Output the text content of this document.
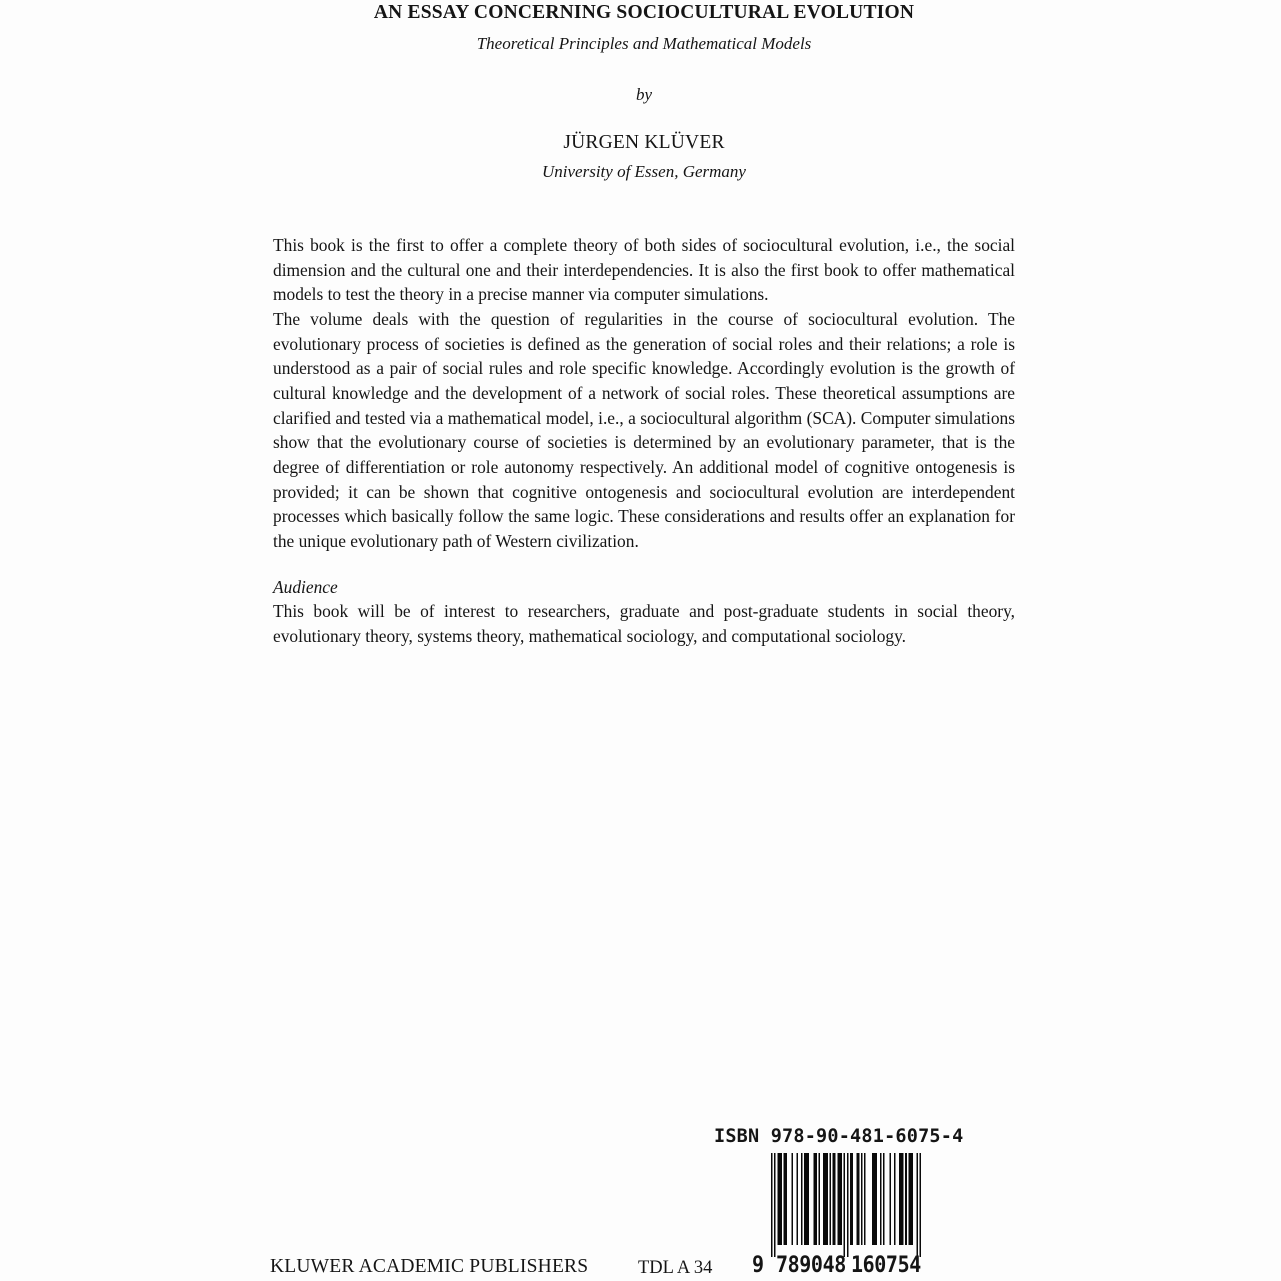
AN ESSAY CONCERNING SOCIOCULTURAL EVOLUTION
Theoretical Principles and Mathematical Models
by
JÜRGEN KLÜVER
University of Essen, Germany

This book is the first to offer a complete theory of both sides of sociocultural evolution, i.e., the social dimension and the cultural one and their interdependencies. It is also the first book to offer mathematical models to test the theory in a precise manner via computer simulations.

The volume deals with the question of regularities in the course of sociocultural evolution. The evolutionary process of societies is defined as the generation of social roles and their relations; a role is understood as a pair of social rules and role specific knowledge. Accordingly evolution is the growth of cultural knowledge and the development of a network of social roles. These theoretical assumptions are clarified and tested via a mathematical model, i.e., a sociocultural algorithm (SCA). Computer simulations show that the evolutionary course of societies is determined by an evolutionary parameter, that is the degree of differentiation or role autonomy respectively. An additional model of cognitive ontogenesis is provided; it can be shown that cognitive ontogenesis and sociocultural evolution are interdependent processes which basically follow the same logic. These considerations and results offer an explanation for the unique evolutionary path of Western civilization.

Audience

This book will be of interest to researchers, graduate and post-graduate students in social theory, evolutionary theory, systems theory, mathematical sociology, and computational sociology.

ISBN 978-90-481-6075-4
9 789048 160754
KLUWER ACADEMIC PUBLISHERS	TDL A 34
